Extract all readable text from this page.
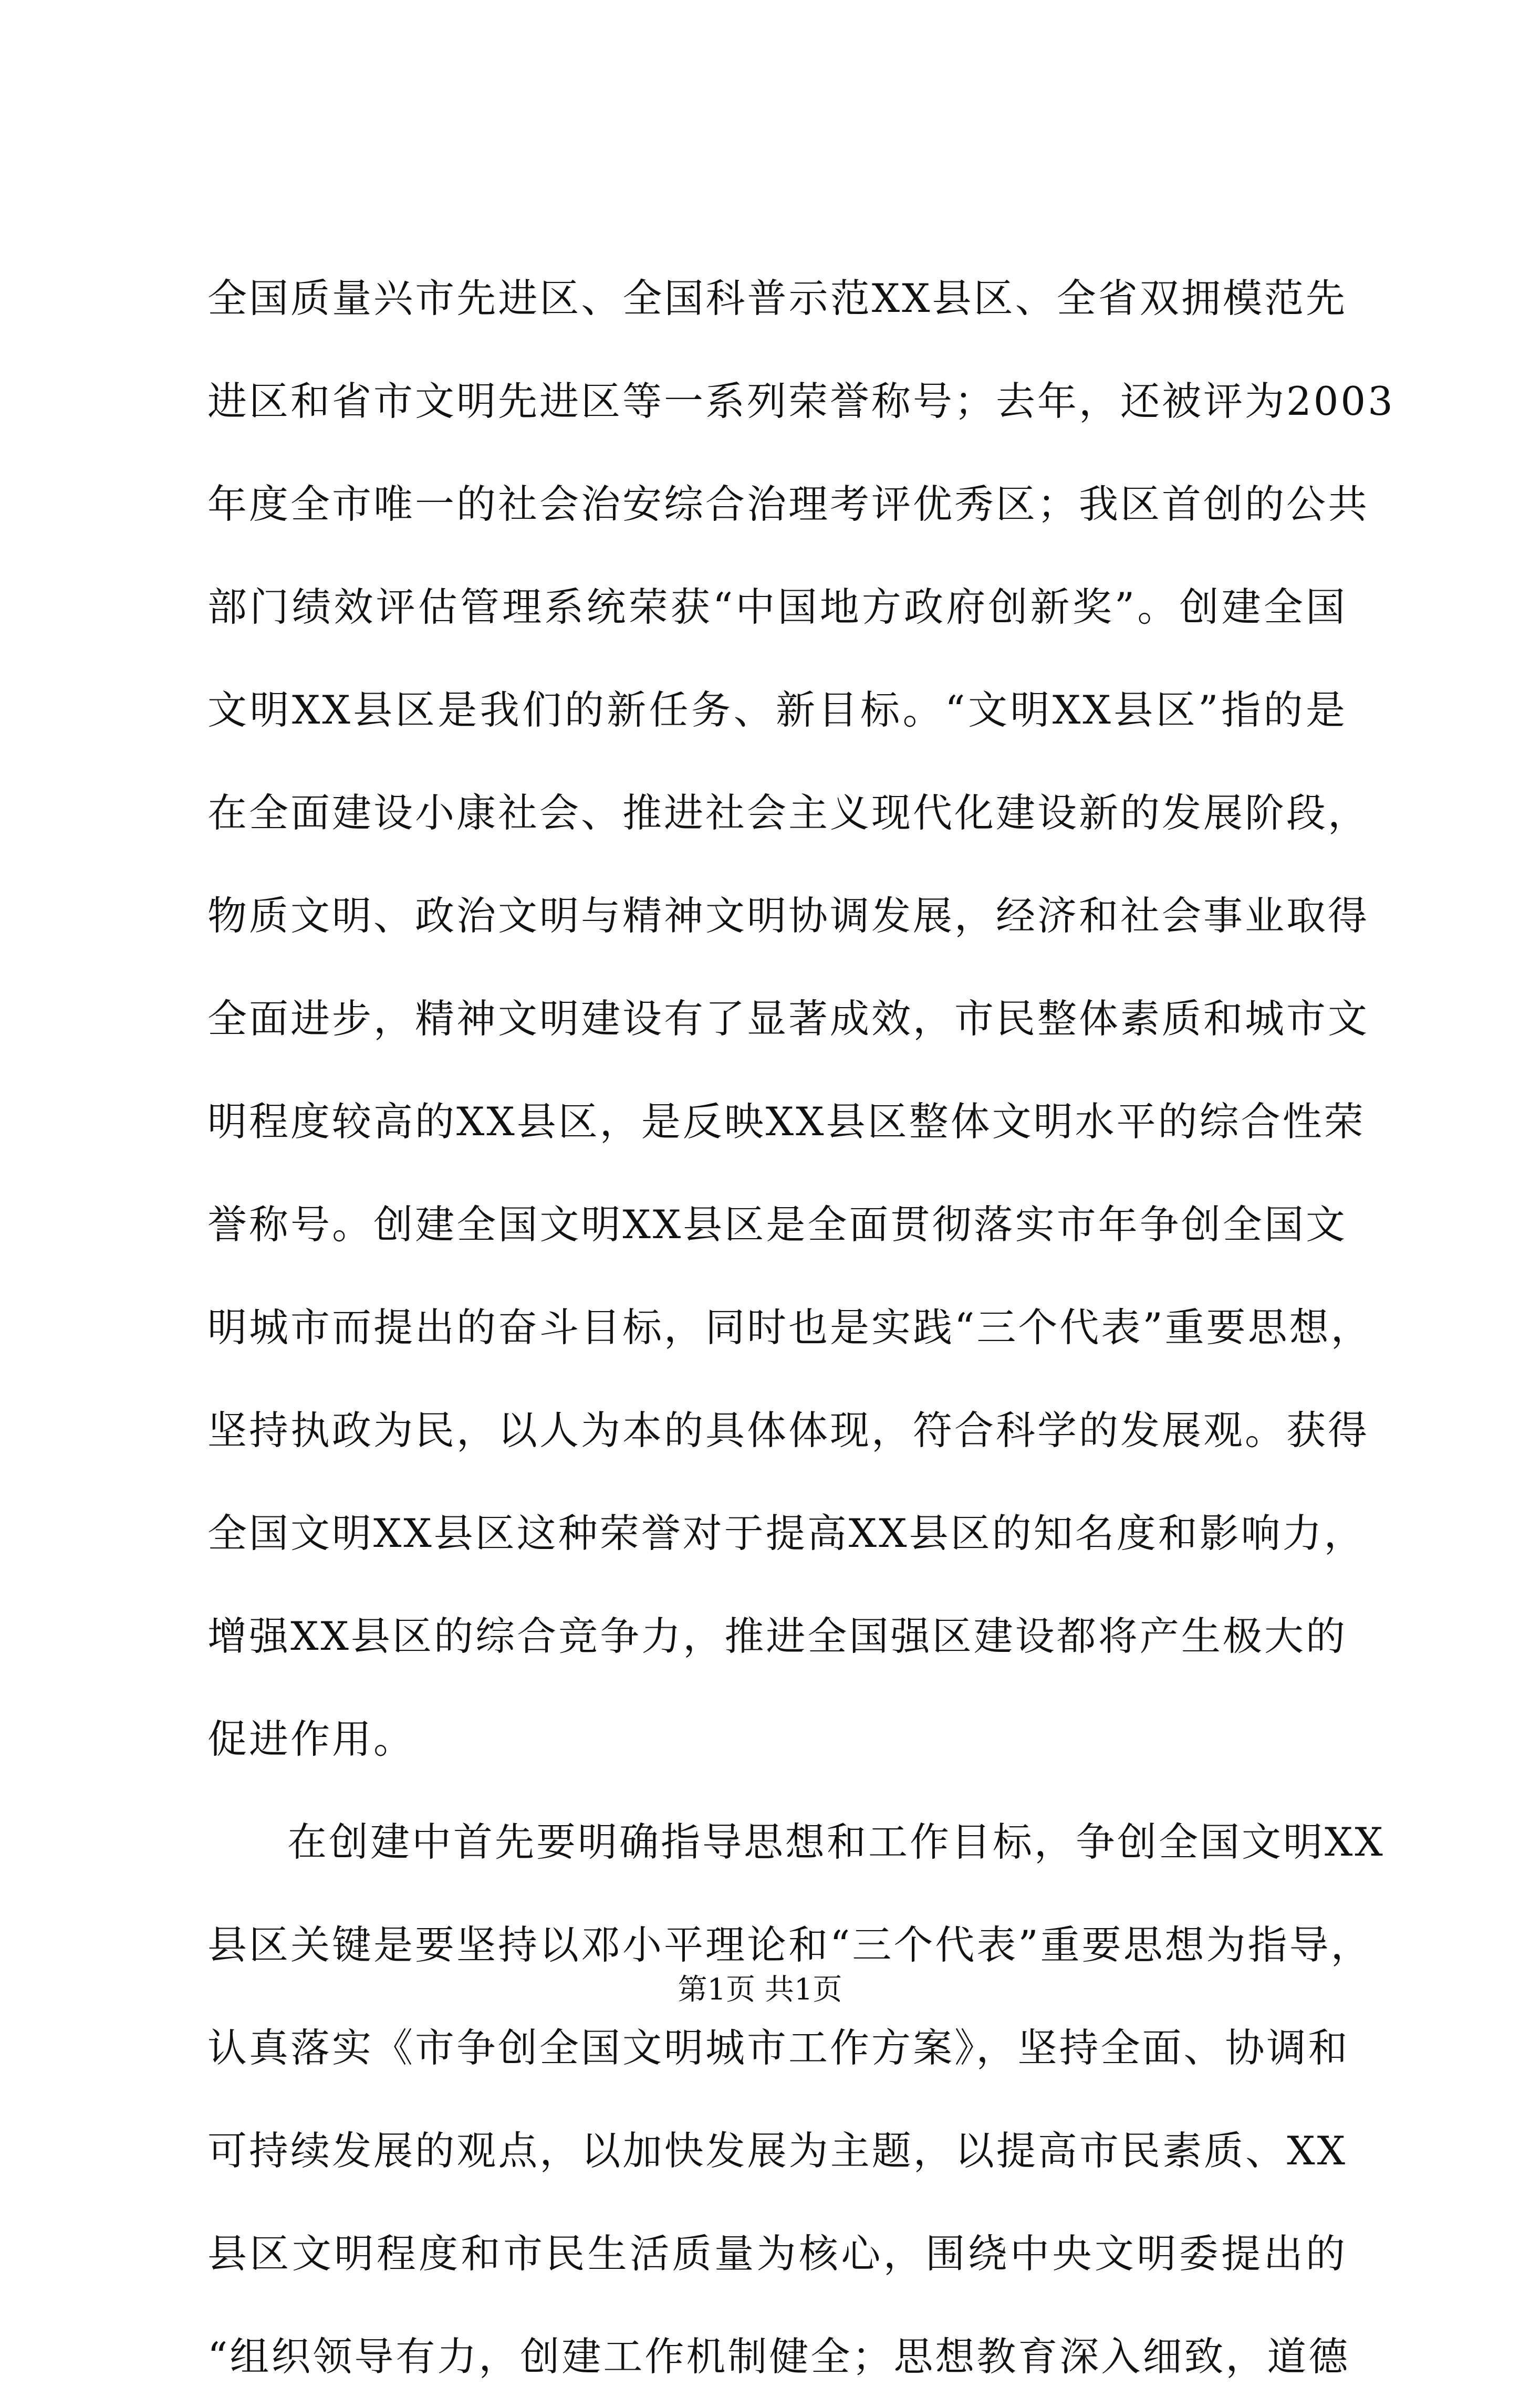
全国质量兴市先进区、全国科普示范XX县区、全省双拥模范先
进区和省市文明先进区等一系列荣誉称号；去年，还被评为2003
年度全市唯一的社会治安综合治理考评优秀区；我区首创的公共
部门绩效评估管理系统荣获“中国地方政府创新奖”。创建全国
文明XX县区是我们的新任务、新目标。“文明XX县区”指的是
在全面建设小康社会、推进社会主义现代化建设新的发展阶段，
物质文明、政治文明与精神文明协调发展，经济和社会事业取得
全面进步，精神文明建设有了显著成效，市民整体素质和城市文
明程度较高的XX县区，是反映XX县区整体文明水平的综合性荣
誉称号。创建全国文明XX县区是全面贯彻落实市年争创全国文
明城市而提出的奋斗目标，同时也是实践“三个代表”重要思想，
坚持执政为民，以人为本的具体体现，符合科学的发展观。获得
全国文明XX县区这种荣誉对于提高XX县区的知名度和影响力，
增强XX县区的综合竞争力，推进全国强区建设都将产生极大的
促进作用。
在创建中首先要明确指导思想和工作目标，争创全国文明XX
县区关键是要坚持以邓小平理论和“三个代表”重要思想为指导，
认真落实《市争创全国文明城市工作方案》，坚持全面、协调和
可持续发展的观点，以加快发展为主题，以提高市民素质、XX
县区文明程度和市民生活质量为核心，围绕中央文明委提出的
“组织领导有力，创建工作机制健全；思想教育深入细致，道德
第1页 共1页
